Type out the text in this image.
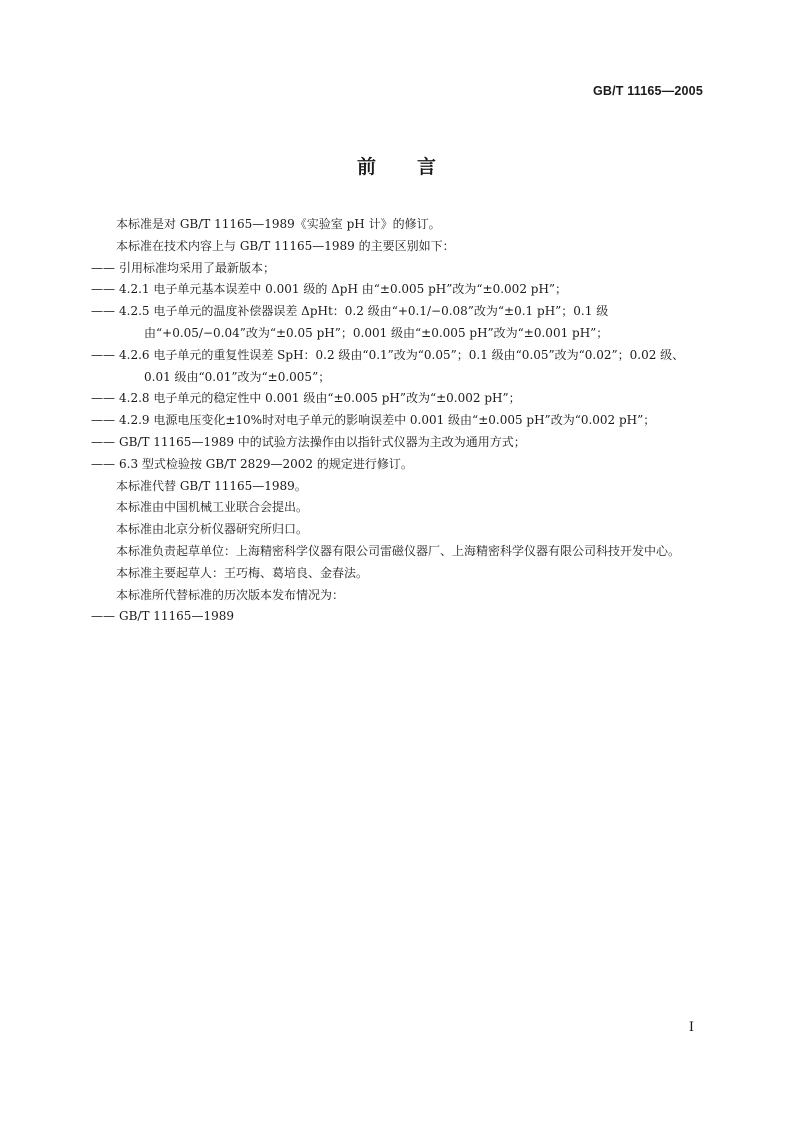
GB/T 11165—2005
前 言
本标准是对 GB/T 11165—1989《实验室 pH 计》的修订。
本标准在技术内容上与 GB/T 11165—1989 的主要区别如下：
—— 引用标准均采用了最新版本；
—— 4.2.1 电子单元基本误差中 0.001 级的 ΔpH 由“±0.005 pH”改为“±0.002 pH”；
—— 4.2.5 电子单元的温度补偿器误差 ΔpHt：0.2 级由“+0.1/−0.08”改为“±0.1 pH”；0.1 级由“+0.05/−0.04”改为“±0.05 pH”；0.001 级由“±0.005 pH”改为“±0.001 pH”；
—— 4.2.6 电子单元的重复性误差 SpH：0.2 级由“0.1”改为“0.05”；0.1 级由“0.05”改为“0.02”；0.02 级、0.01 级由“0.01”改为“±0.005”；
—— 4.2.8 电子单元的稳定性中 0.001 级由“±0.005 pH”改为“±0.002 pH”；
—— 4.2.9 电源电压变化±10%时对电子单元的影响误差中 0.001 级由“±0.005 pH”改为“0.002 pH”；
—— GB/T 11165—1989 中的试验方法操作由以指针式仪器为主改为通用方式；
—— 6.3 型式检验按 GB/T 2829—2002 的规定进行修订。
本标准代替 GB/T 11165—1989。
本标准由中国机械工业联合会提出。
本标准由北京分析仪器研究所归口。
本标准负责起草单位：上海精密科学仪器有限公司雷磁仪器厂、上海精密科学仪器有限公司科技开发中心。
本标准主要起草人：王巧梅、葛培良、金春法。
本标准所代替标准的历次版本发布情况为：
—— GB/T 11165—1989
I
